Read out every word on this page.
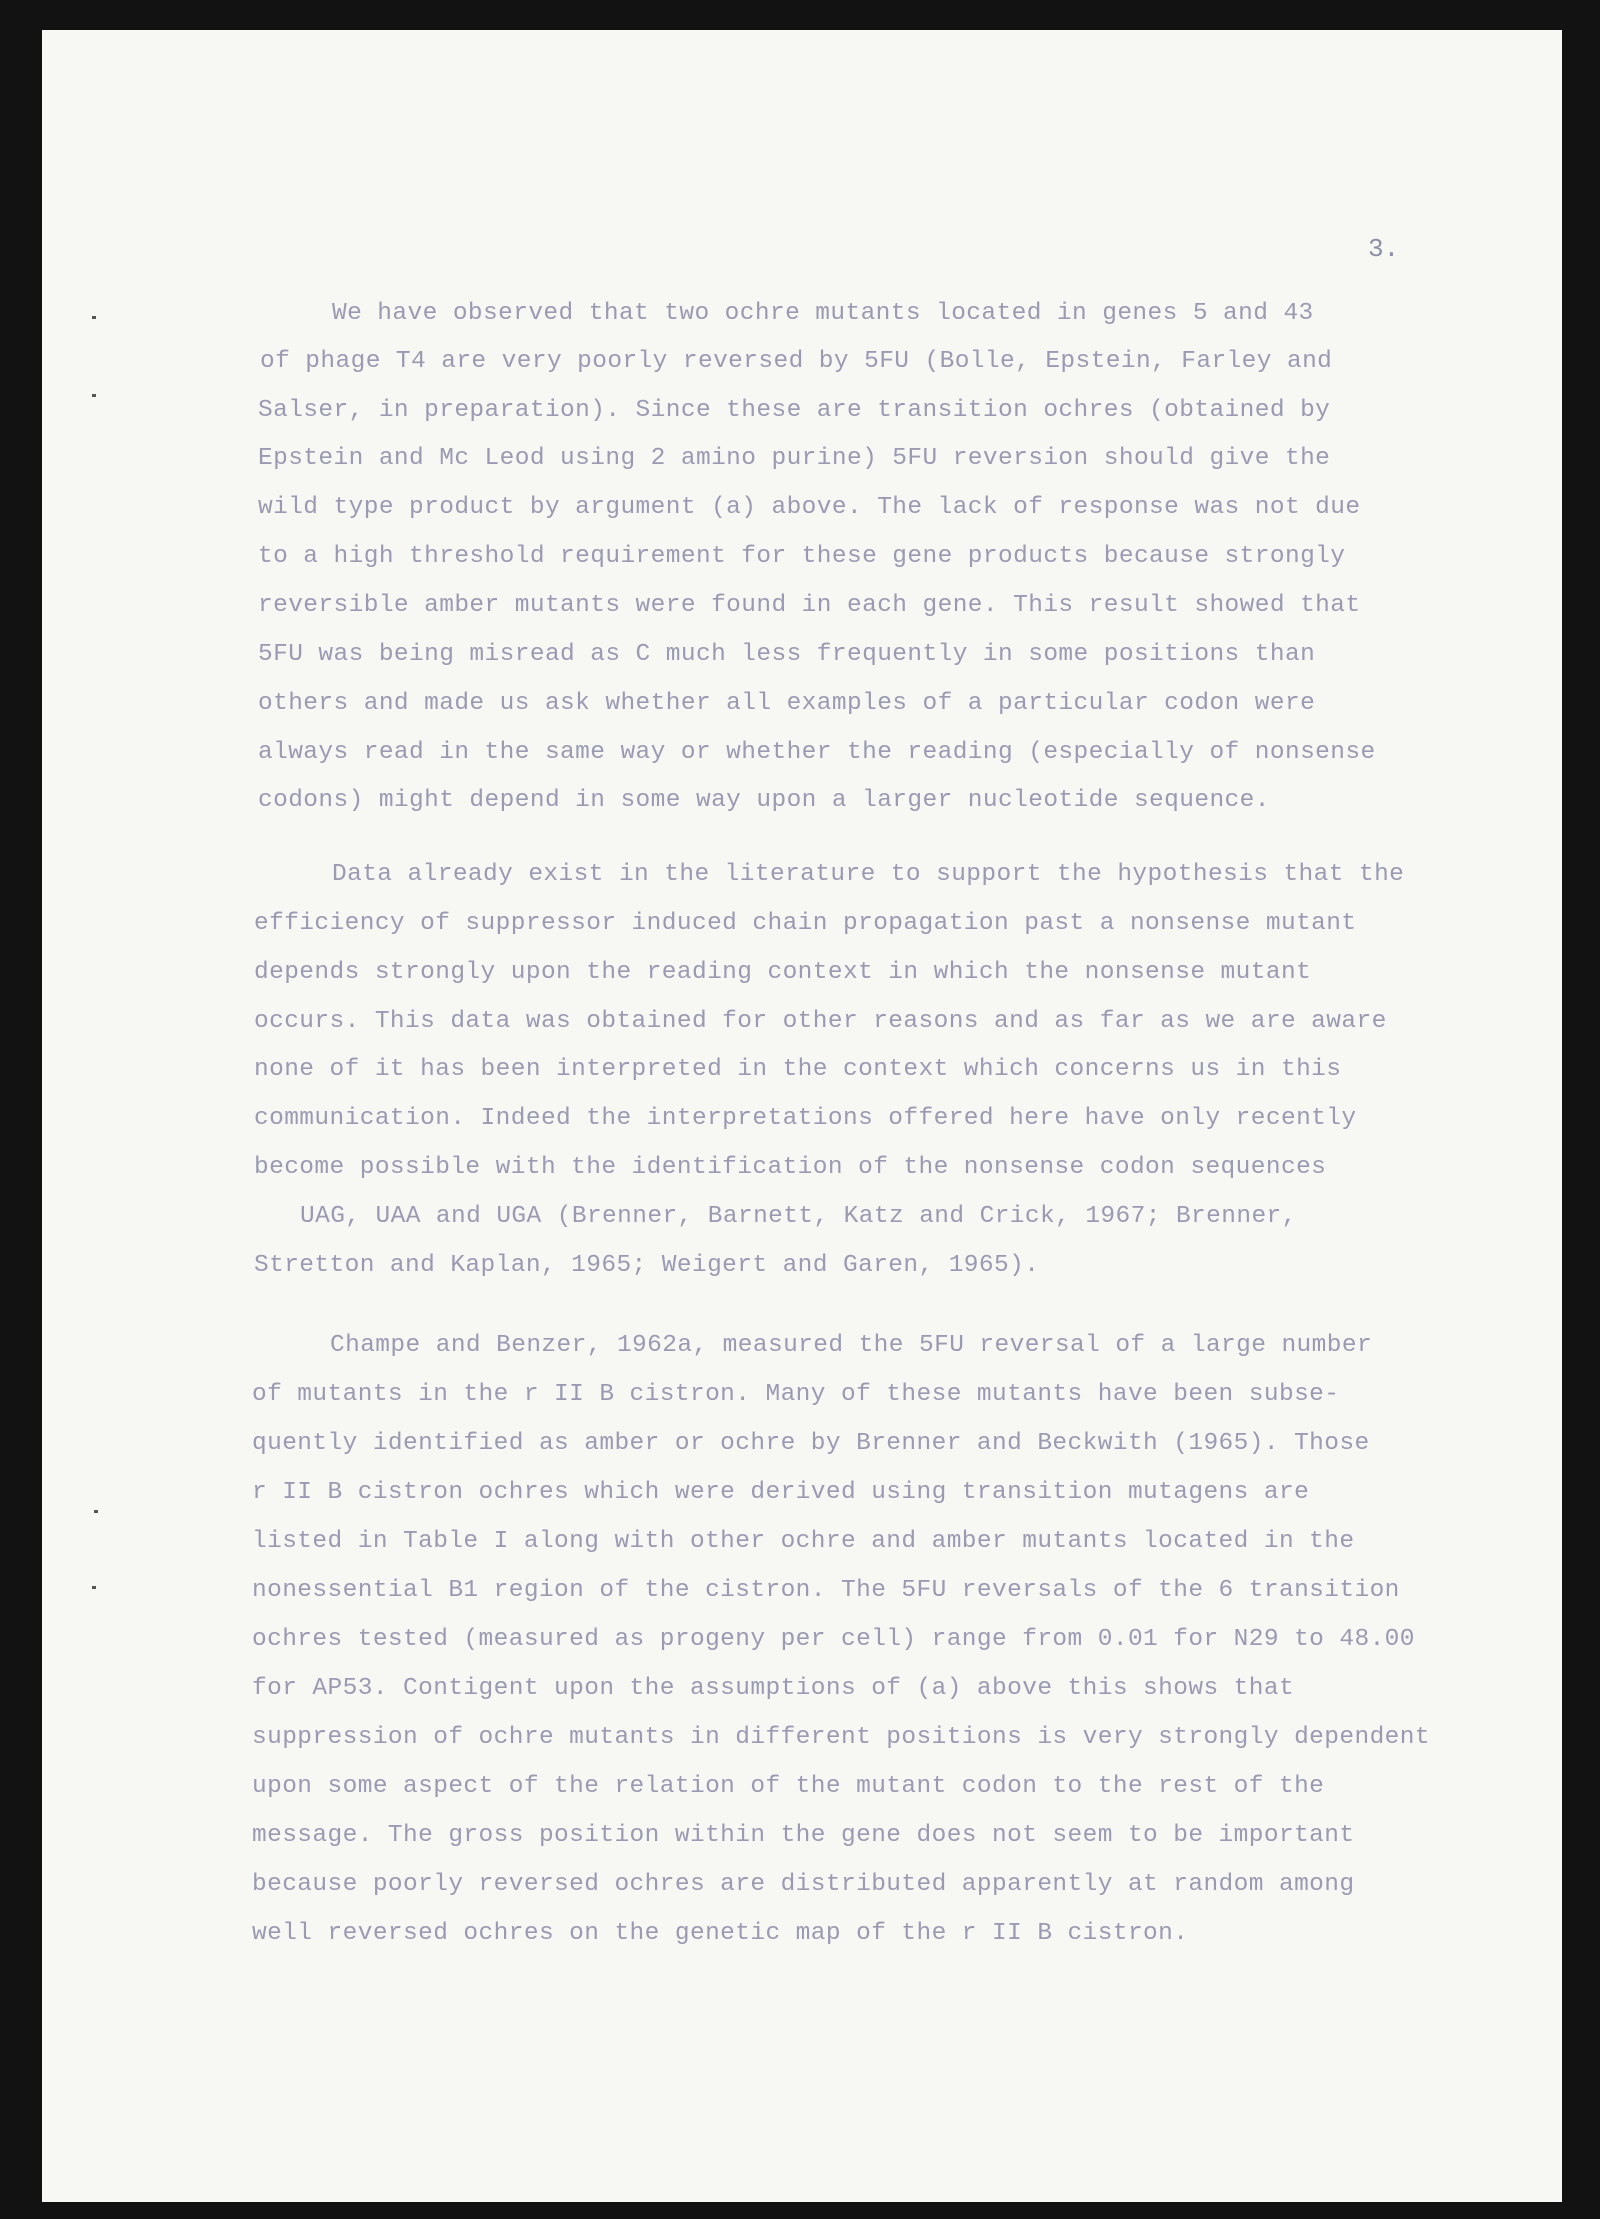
3.
We have observed that two ochre mutants located in genes 5 and 43
of phage T4 are very poorly reversed by 5FU (Bolle, Epstein, Farley and
Salser, in preparation). Since these are transition ochres (obtained by
Epstein and Mc Leod using 2 amino purine) 5FU reversion should give the
wild type product by argument (a) above. The lack of response was not due
to a high threshold requirement for these gene products because strongly
reversible amber mutants were found in each gene. This result showed that
5FU was being misread as C much less frequently in some positions than
others and made us ask whether all examples of a particular codon were
always read in the same way or whether the reading (especially of nonsense
codons) might depend in some way upon a larger nucleotide sequence.
Data already exist in the literature to support the hypothesis that the
efficiency of suppressor induced chain propagation past a nonsense mutant
depends strongly upon the reading context in which the nonsense mutant
occurs. This data was obtained for other reasons and as far as we are aware
none of it has been interpreted in the context which concerns us in this
communication. Indeed the interpretations offered here have only recently
become possible with the identification of the nonsense codon sequences
UAG, UAA and UGA (Brenner, Barnett, Katz and Crick, 1967; Brenner,
Stretton and Kaplan, 1965; Weigert and Garen, 1965).
Champe and Benzer, 1962a, measured the 5FU reversal of a large number
of mutants in the r II B cistron. Many of these mutants have been subse-
quently identified as amber or ochre by Brenner and Beckwith (1965). Those
r II B cistron ochres which were derived using transition mutagens are
listed in Table I along with other ochre and amber mutants located in the
nonessential B1 region of the cistron. The 5FU reversals of the 6 transition
ochres tested (measured as progeny per cell) range from 0.01 for N29 to 48.00
for AP53. Contigent upon the assumptions of (a) above this shows that
suppression of ochre mutants in different positions is very strongly dependent
upon some aspect of the relation of the mutant codon to the rest of the
message. The gross position within the gene does not seem to be important
because poorly reversed ochres are distributed apparently at random among
well reversed ochres on the genetic map of the r II B cistron.
